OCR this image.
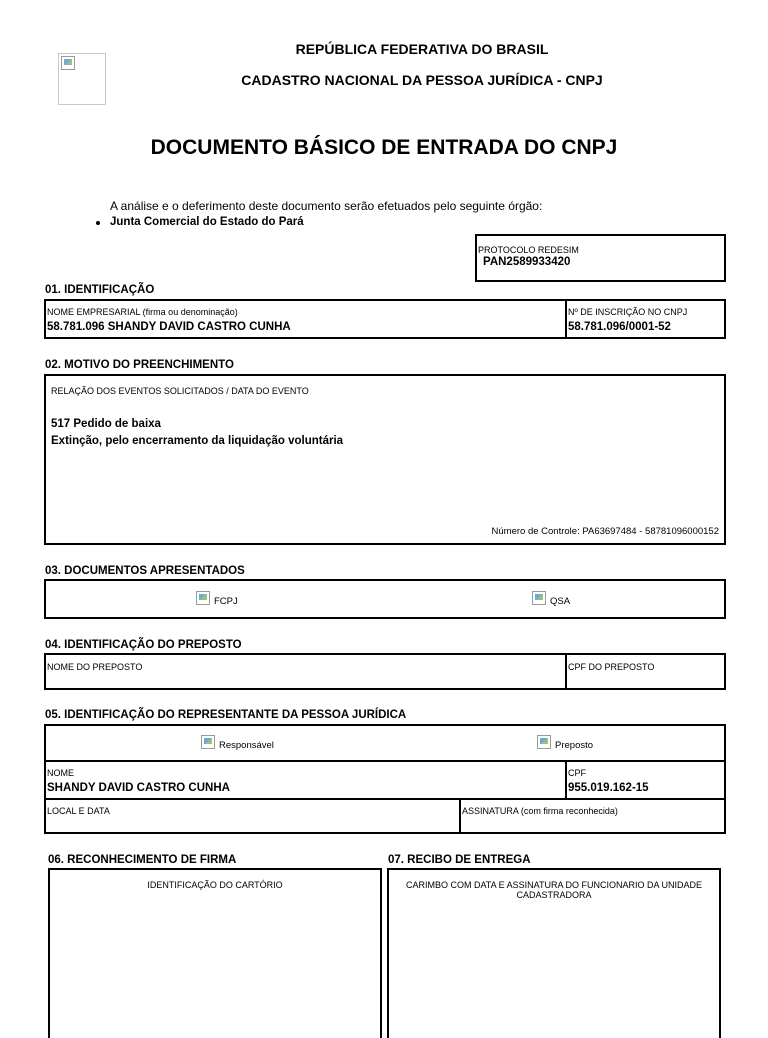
REPÚBLICA FEDERATIVA DO BRASIL
CADASTRO NACIONAL DA PESSOA JURÍDICA - CNPJ
DOCUMENTO BÁSICO DE ENTRADA DO CNPJ
A análise e o deferimento deste documento serão efetuados pelo seguinte órgão:
Junta Comercial do Estado do Pará
PROTOCOLO REDESIM
PAN2589933420
01. IDENTIFICAÇÃO
NOME EMPRESARIAL (firma ou denominação)
58.781.096 SHANDY DAVID CASTRO CUNHA
Nº DE INSCRIÇÃO NO CNPJ
58.781.096/0001-52
02. MOTIVO DO PREENCHIMENTO
RELAÇÃO DOS EVENTOS SOLICITADOS / DATA DO EVENTO
517 Pedido de baixa
Extinção, pelo encerramento da liquidação voluntária
Número de Controle: PA63697484 - 58781096000152
03. DOCUMENTOS APRESENTADOS
FCPJ	QSA
04. IDENTIFICAÇÃO DO PREPOSTO
NOME DO PREPOSTO	CPF DO PREPOSTO
05. IDENTIFICAÇÃO DO REPRESENTANTE DA PESSOA JURÍDICA
Responsável	Preposto
NOME
SHANDY DAVID CASTRO CUNHA
CPF
955.019.162-15
LOCAL E DATA	ASSINATURA (com firma reconhecida)
06. RECONHECIMENTO DE FIRMA
IDENTIFICAÇÃO DO CARTÓRIO
07. RECIBO DE ENTREGA
CARIMBO COM DATA E ASSINATURA DO FUNCIONARIO DA UNIDADE
CADASTRADORA
